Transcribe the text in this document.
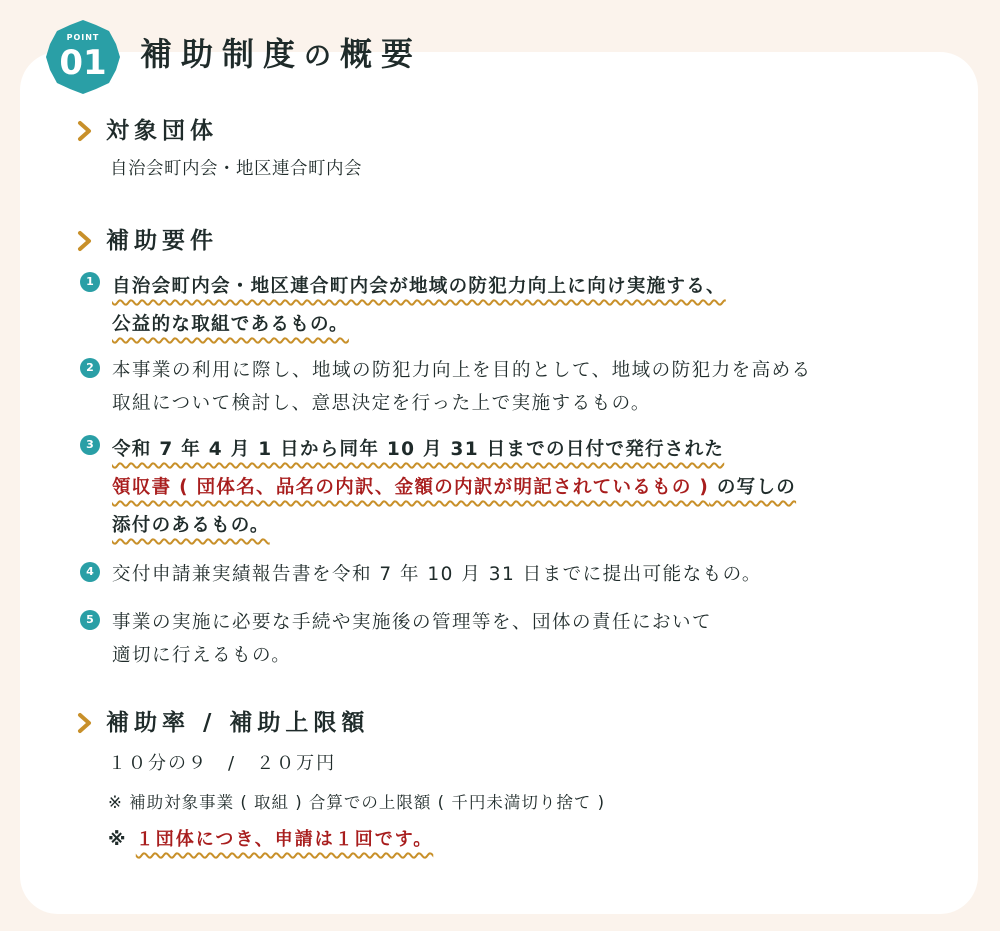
POINT
01	補助制度の概要
対象団体

自治会町内会・地区連合町内会

補助要件
1 自治会町内会・地区連合町内会が地域の防犯力向上に向け実施する、
公益的な取組であるもの。
2 本事業の利用に際し、地域の防犯力向上を目的として、地域の防犯力を高める
取組について検討し、意思決定を行った上で実施するもの。
3 令和 7 年 4 月 1 日から同年 10 月 31 日までの日付で発行された
領収書 ( 団体名、品名の内訳、金額の内訳が明記されているもの ) の写しの
添付のあるもの。
4 交付申請兼実績報告書を令和 7 年 10 月 31 日までに提出可能なもの。
5 事業の実施に必要な手続や実施後の管理等を、団体の責任において
適切に行えるもの。
補助率 / 補助上限額

１０分の９　/　２０万円

※ 補助対象事業 ( 取組 ) 合算での上限額 ( 千円未満切り捨て )

※ １団体につき、申請は１回です。
